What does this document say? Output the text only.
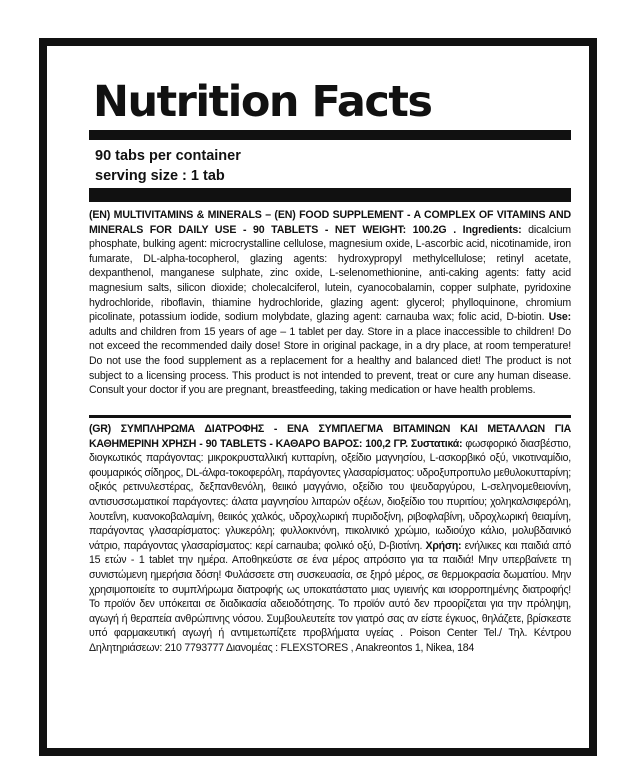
Nutrition Facts
90 tabs per container
serving size : 1 tab
(EN) MULTIVITAMINS & MINERALS – (EN) FOOD SUPPLEMENT - A COMPLEX OF VITAMINS AND MINERALS FOR DAILY USE - 90 TABLETS - NET WEIGHT: 100.2G . Ingredients: dicalcium phosphate, bulking agent: microcrystalline cellulose, magnesium oxide, L-ascorbic acid, nicotinamide, iron fumarate, DL-alpha-tocopherol, glazing agents: hydroxypropyl methylcellulose; retinyl acetate, dexpanthenol, manganese sulphate, zinc oxide, L-selenomethionine, anti-caking agents: fatty acid magnesium salts, silicon dioxide; cholecalciferol, lutein, cyanocobalamin, copper sulphate, pyridoxine hydrochloride, riboflavin, thiamine hydrochloride, glazing agent: glycerol; phylloquinone, chromium picolinate, potassium iodide, sodium molybdate, glazing agent: carnauba wax; folic acid, D-biotin. Use: adults and children from 15 years of age – 1 tablet per day. Store in a place inaccessible to children! Do not exceed the recommended daily dose! Store in original package, in a dry place, at room temperature! Do not use the food supplement as a replacement for a healthy and balanced diet! The product is not subject to a licensing process. This product is not intended to prevent, treat or cure any human disease. Consult your doctor if you are pregnant, breastfeeding, taking medication or have health problems.
(GR) ΣΥΜΠΛΗΡΩΜΑ ΔΙΑΤΡΟΦΗΣ - ΕΝΑ ΣΥΜΠΛΕΓΜΑ ΒΙΤΑΜΙΝΩΝ ΚΑΙ ΜΕΤΑΛΛΩΝ ΓΙΑ ΚΑΘΗΜΕΡΙΝΗ ΧΡΗΣΗ - 90 TABLETS - ΚΑΘΑΡΟ ΒΑΡΟΣ: 100,2 ΓΡ. Συστατικά: φωσφορικό διασβέστιο, διογκωτικός παράγοντας: μικροκρυσταλλική κυτταρίνη, οξείδιο μαγνησίου, L-ασκορβικό οξύ, νικοτιναμίδιο, φουμαρικός σίδηρος, DL-άλφα-τοκοφερόλη, παράγοντες γλασαρίσματος: υδροξυπροπυλο μεθυλοκυτταρίνη; οξικός ρετινυλεστέρας, δεξπανθενόλη, θειικό μαγγάνιο, οξείδιο του ψευδαργύρου, L-σεληνομεθειονίνη, αντισυσσωματικοί παράγοντες: άλατα μαγνησίου λιπαρών οξέων, διοξείδιο του πυριτίου; χοληκαλσιφερόλη, λουτεΐνη, κυανοκοβαλαμίνη, θειικός χαλκός, υδροχλωρική πυριδοξίνη, ριβοφλαβίνη, υδροχλωρική θειαμίνη, παράγοντας γλασαρίσματος: γλυκερόλη; φυλλοκινόνη, πικολινικό χρώμιο, ιωδιούχο κάλιο, μολυβδαινικό νάτριο, παράγοντας γλασαρίσματος: κερί carnauba; φολικό οξύ, D-βιοτίνη. Χρήση: ενήλικες και παιδιά από 15 ετών - 1 tablet την ημέρα. Αποθηκεύστε σε ένα μέρος απρόσιτο για τα παιδιά! Μην υπερβαίνετε τη συνιστώμενη ημερήσια δόση! Φυλάσσετε στη συσκευασία, σε ξηρό μέρος, σε θερμοκρασία δωματίου. Μην χρησιμοποιείτε το συμπλήρωμα διατροφής ως υποκατάστατο μιας υγιεινής και ισορροπημένης διατροφής! Το προϊόν δεν υπόκειται σε διαδικασία αδειοδότησης. Το προϊόν αυτό δεν προορίζεται για την πρόληψη, αγωγή ή θεραπεία ανθρώπινης νόσου. Συμβουλευτείτε τον γιατρό σας αν είστε έγκυος, θηλάζετε, βρίσκεστε υπό φαρμακευτική αγωγή ή αντιμετωπίζετε προβλήματα υγείας . Poison Center Tel./ Τηλ. Κέντρου Δηλητηριάσεων: 210 7793777 Διανομέας : FLEXSTORES , Anakreontos 1, Nikea, 184
